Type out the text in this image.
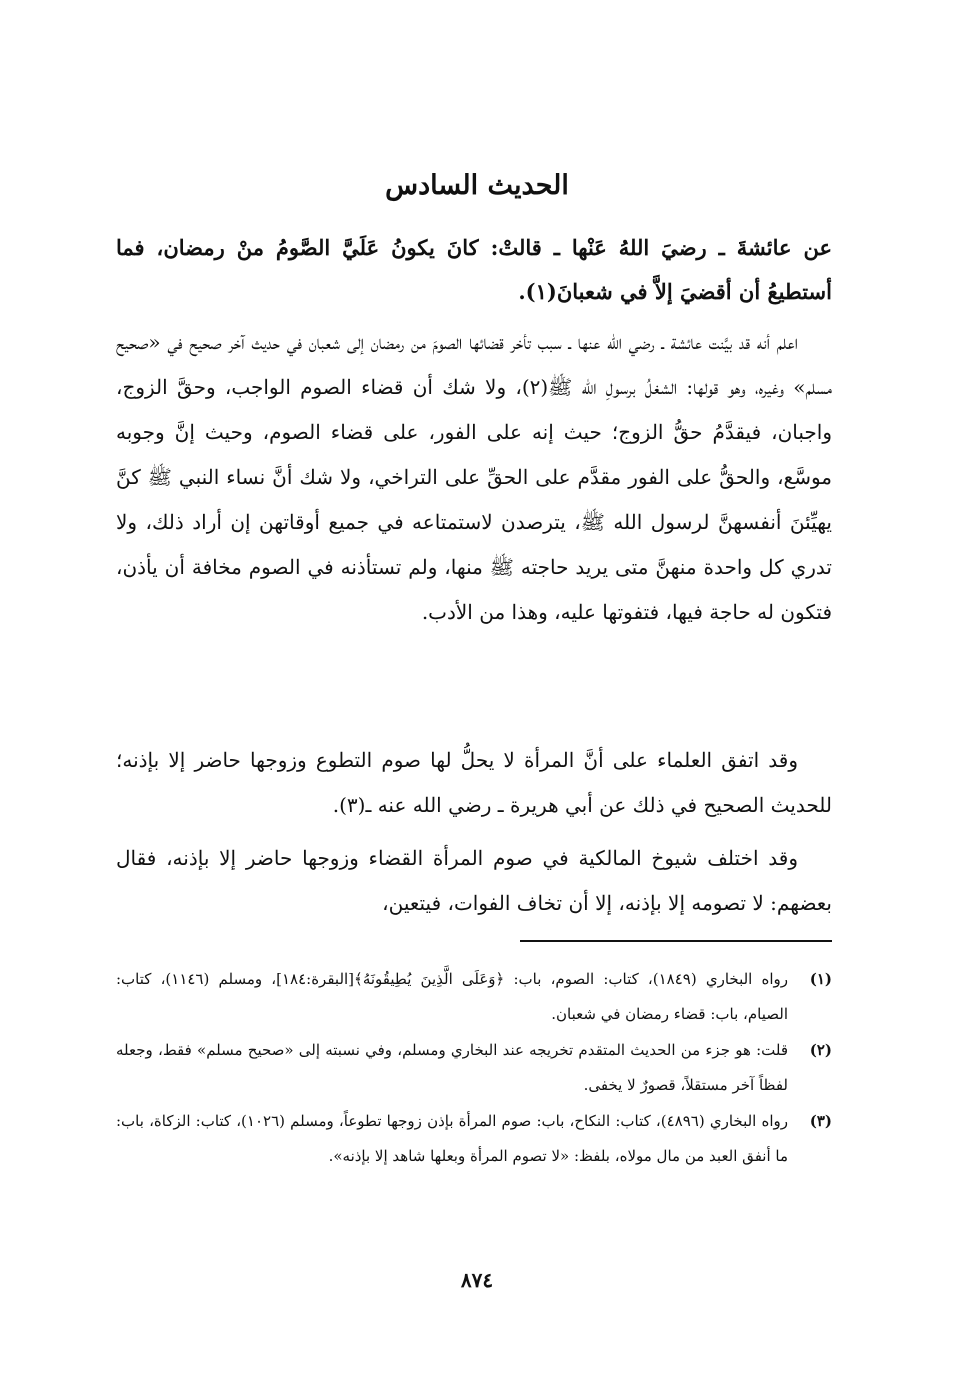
الحديث السادس
عن عائشةَ ـ رضيَ اللهُ عَنْها ـ قالتْ: كانَ يكونُ عَلَيَّ الصَّومُ منْ رمضان، فما أستطيعُ أن أقضيَ إلاَّ في شعبانَ(١).
اعلم أنه قد بيَّنت عائشة ـ رضي الله عنها ـ سبب تأخر قضائها الصومَ من رمضان إلى شعبان في حديث آخر صحيح في «صحيح مسلم» وغيره، وهو قولها: الشغلُ برسولِ الله ﷺ(٢)، ولا شك أن قضاء الصوم الواجب، وحقَّ الزوج، واجبان، فيقدَّمُ حقُّ الزوج؛ حيث إنه على الفور، على قضاء الصوم، وحيث إنَّ وجوبه موسَّع، والحقُّ على الفور مقدَّم على الحقِّ على التراخي، ولا شك أنَّ نساء النبي ﷺ كنَّ يهيِّئنَ أنفسهنَّ لرسول الله ﷺ، يترصدن لاستمتاعه في جميع أوقاتهن إن أراد ذلك، ولا تدري كل واحدة منهنَّ متى يريد حاجته ﷺ منها، ولم تستأذنه في الصوم مخافة أن يأذن، فتكون له حاجة فيها، فتفوتها عليه، وهذا من الأدب.
وقد اتفق العلماء على أنَّ المرأة لا يحلُّ لها صوم التطوع وزوجها حاضر إلا بإذنه؛ للحديث الصحيح في ذلك عن أبي هريرة ـ رضي الله عنه ـ(٣).
وقد اختلف شيوخ المالكية في صوم المرأة القضاء وزوجها حاضر إلا بإذنه، فقال بعضهم: لا تصومه إلا بإذنه، إلا أن تخاف الفوات، فيتعين،
(١)
رواه البخاري (١٨٤٩)، كتاب: الصوم، باب: ﴿وَعَلَى الَّذِينَ يُطِيقُونَهُ﴾[البقرة:١٨٤]، ومسلم (١١٤٦)، كتاب: الصيام، باب: قضاء رمضان في شعبان.
(٢)
قلت: هو جزء من الحديث المتقدم تخريجه عند البخاري ومسلم، وفي نسبته إلى «صحيح مسلم» فقط، وجعله لفظاً آخر مستقلاً، قصورٌ لا يخفى.
(٣)
رواه البخاري (٤٨٩٦)، كتاب: النكاح، باب: صوم المرأة بإذن زوجها تطوعاً، ومسلم (١٠٢٦)، كتاب: الزكاة، باب: ما أنفق العبد من مال مولاه، بلفظ: «لا تصوم المرأة وبعلها شاهد إلا بإذنه».
٨٧٤
